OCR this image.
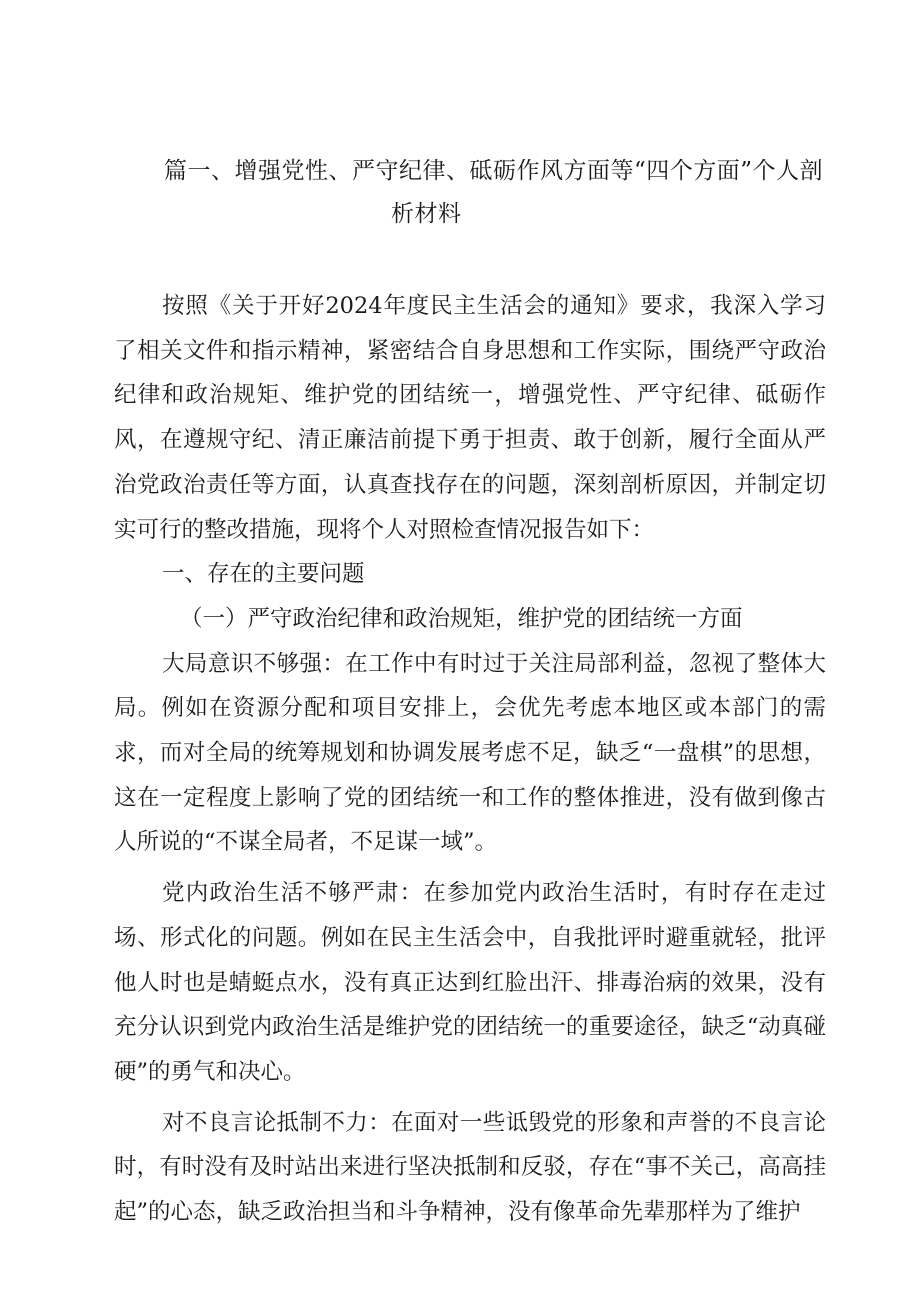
篇一、增强党性、严守纪律、砥砺作风方面等“四个方面”个人剖
析材料

按照《关于开好2024年度民主生活会的通知》要求，我深入学习了相关文件和指示精神，紧密结合自身思想和工作实际，围绕严守政治纪律和政治规矩、维护党的团结统一，增强党性、严守纪律、砥砺作风，在遵规守纪、清正廉洁前提下勇于担责、敢于创新，履行全面从严治党政治责任等方面，认真查找存在的问题，深刻剖析原因，并制定切实可行的整改措施，现将个人对照检查情况报告如下：

一、存在的主要问题

（一）严守政治纪律和政治规矩，维护党的团结统一方面

大局意识不够强：在工作中有时过于关注局部利益，忽视了整体大局。例如在资源分配和项目安排上，会优先考虑本地区或本部门的需求，而对全局的统筹规划和协调发展考虑不足，缺乏“一盘棋”的思想，这在一定程度上影响了党的团结统一和工作的整体推进，没有做到像古人所说的“不谋全局者，不足谋一域”。

党内政治生活不够严肃：在参加党内政治生活时，有时存在走过场、形式化的问题。例如在民主生活会中，自我批评时避重就轻，批评他人时也是蜻蜓点水，没有真正达到红脸出汗、排毒治病的效果，没有充分认识到党内政治生活是维护党的团结统一的重要途径，缺乏“动真碰硬”的勇气和决心。

对不良言论抵制不力：在面对一些诋毁党的形象和声誉的不良言论时，有时没有及时站出来进行坚决抵制和反驳，存在“事不关己，高高挂起”的心态，缺乏政治担当和斗争精神，没有像革命先辈那样为了维护
